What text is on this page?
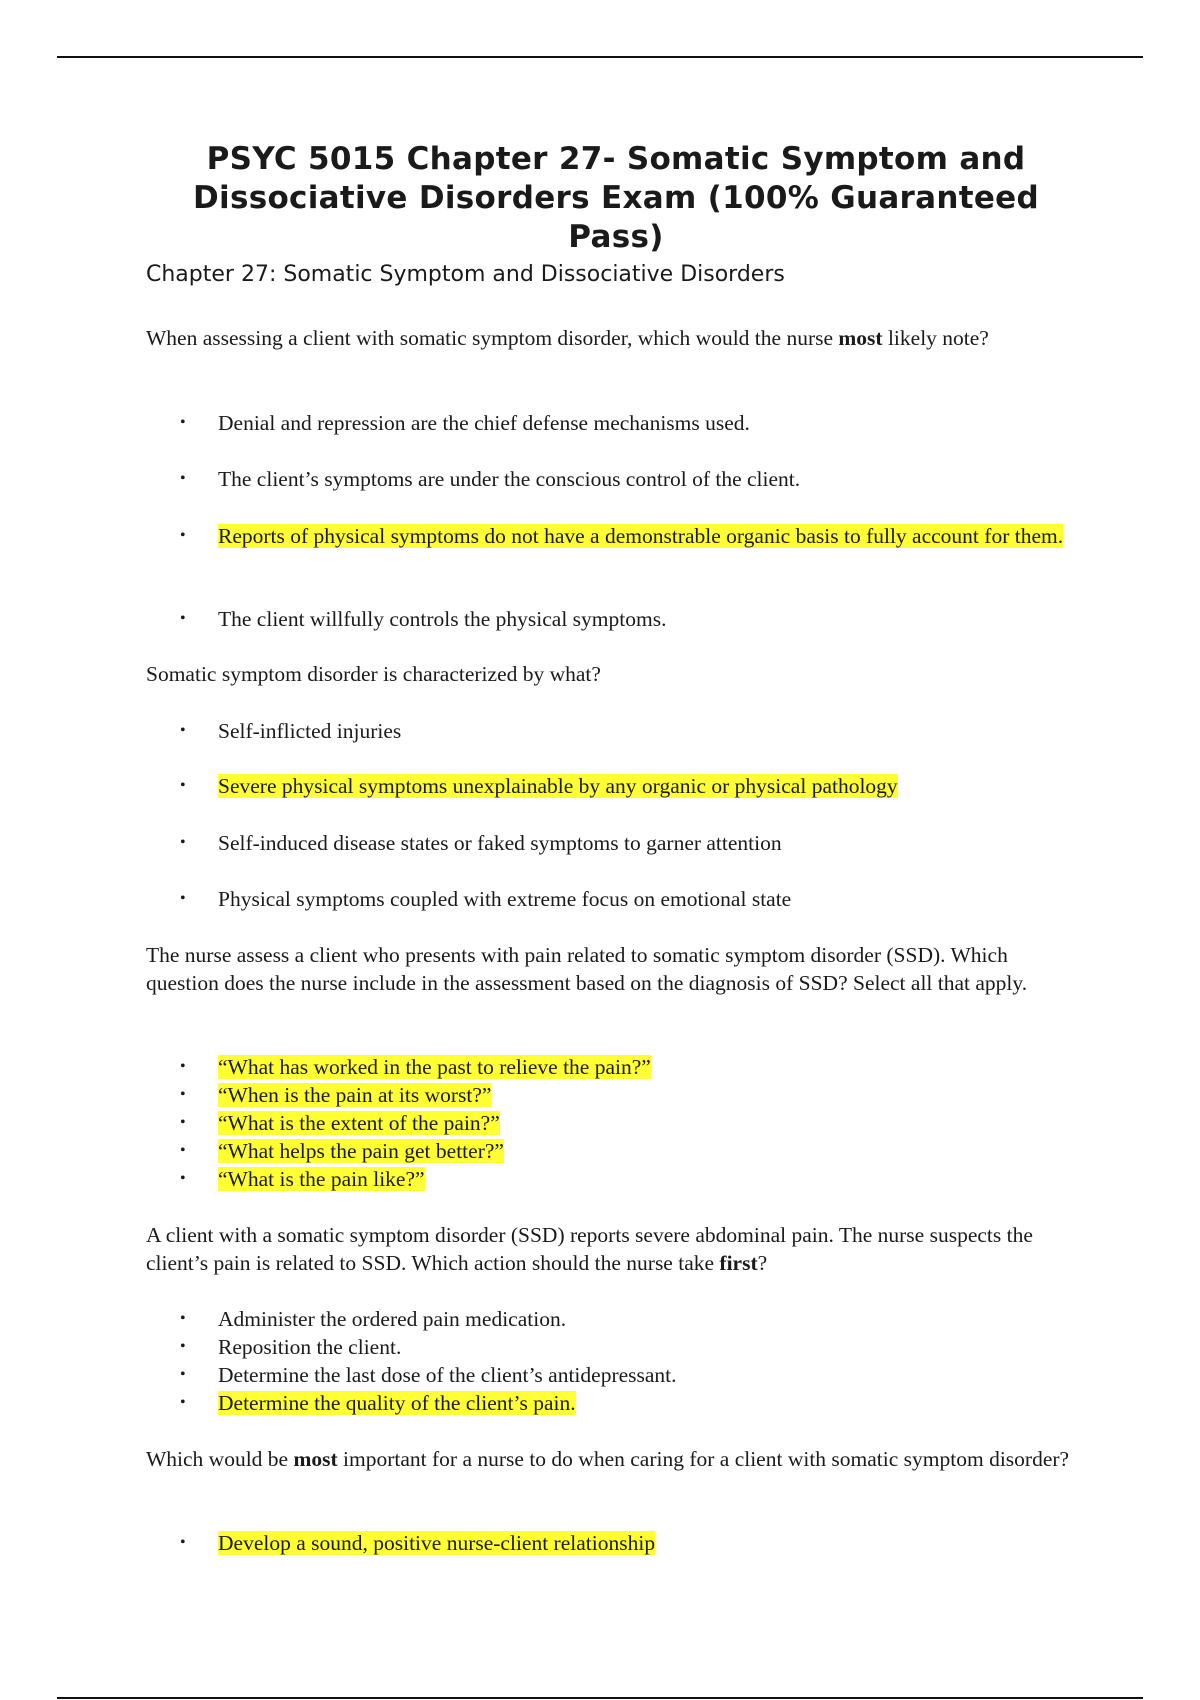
PSYC 5015 Chapter 27- Somatic Symptom and Dissociative Disorders Exam (100% Guaranteed Pass)
Chapter 27: Somatic Symptom and Dissociative Disorders
When assessing a client with somatic symptom disorder, which would the nurse most likely note?
• Denial and repression are the chief defense mechanisms used.
• The client’s symptoms are under the conscious control of the client.
• Reports of physical symptoms do not have a demonstrable organic basis to fully account for them.
• The client willfully controls the physical symptoms.
Somatic symptom disorder is characterized by what?
• Self-inflicted injuries
• Severe physical symptoms unexplainable by any organic or physical pathology
• Self-induced disease states or faked symptoms to garner attention
• Physical symptoms coupled with extreme focus on emotional state
The nurse assess a client who presents with pain related to somatic symptom disorder (SSD). Which question does the nurse include in the assessment based on the diagnosis of SSD? Select all that apply.
• “What has worked in the past to relieve the pain?”
• “When is the pain at its worst?”
• “What is the extent of the pain?”
• “What helps the pain get better?”
• “What is the pain like?”
A client with a somatic symptom disorder (SSD) reports severe abdominal pain. The nurse suspects the client’s pain is related to SSD. Which action should the nurse take first?
• Administer the ordered pain medication.
• Reposition the client.
• Determine the last dose of the client’s antidepressant.
• Determine the quality of the client’s pain.
Which would be most important for a nurse to do when caring for a client with somatic symptom disorder?
• Develop a sound, positive nurse-client relationship
